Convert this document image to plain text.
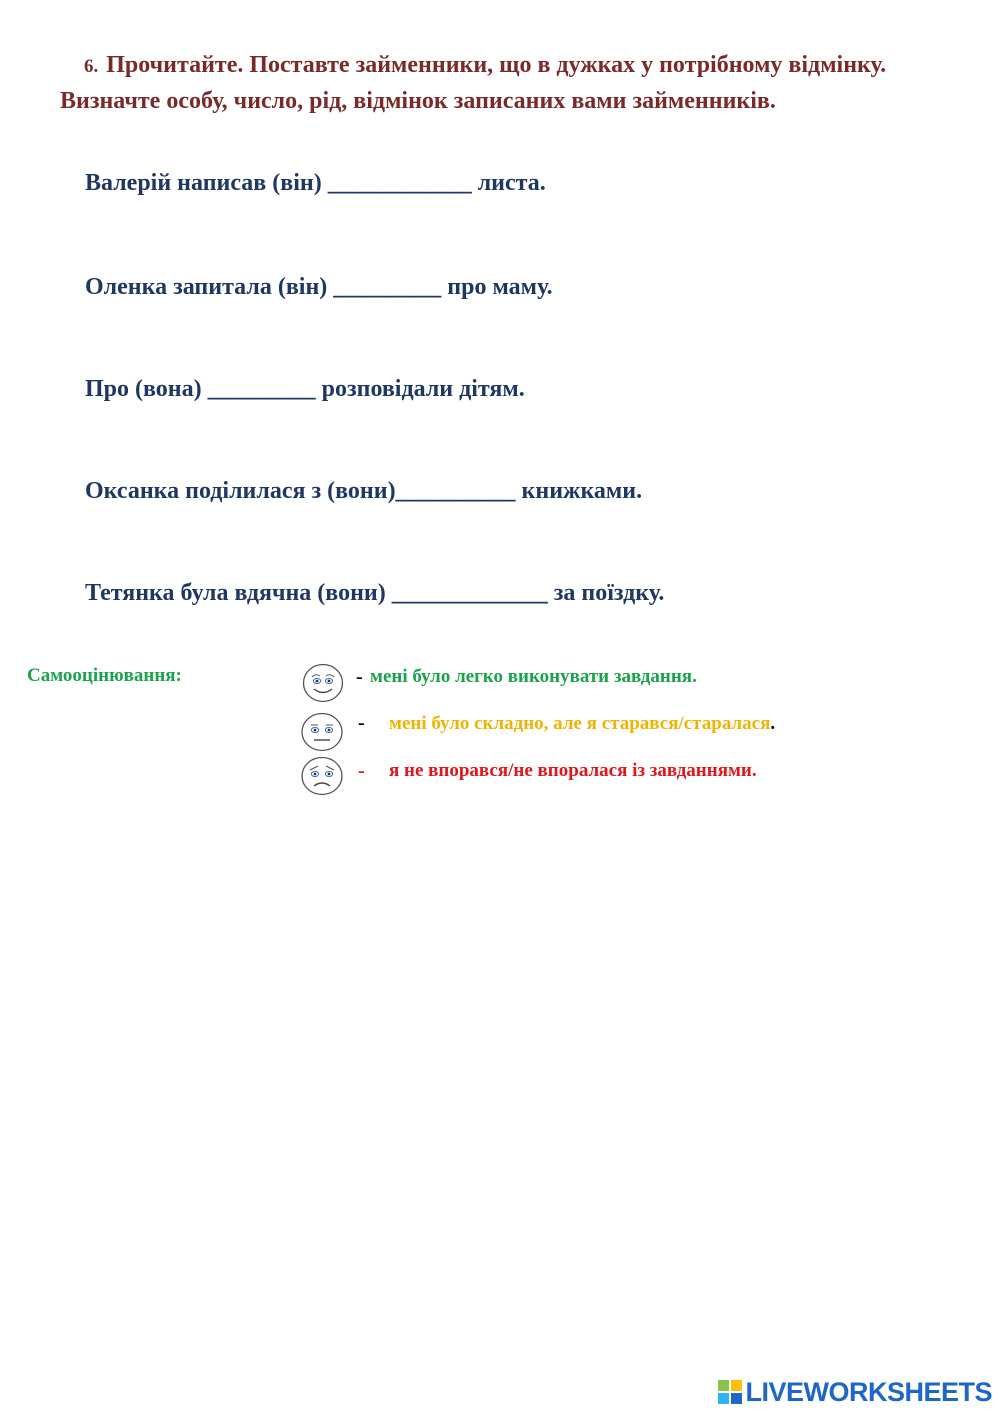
6. Прочитайте. Поставте займенники, що в дужках у потрібному відмінку. Визначте особу, число, рід, відмінок записаних вами займенників.
Валерій написав (він) ____________ листа.
Оленка запитала (він) _________ про маму.
Про (вона) _________ розповідали дітям.
Оксанка поділилася з (вони)__________ книжками.
Тетянка була вдячна (вони) _____________ за поїздку.
Самооцінювання:	- мені було легко виконувати завдання.
- мені було складно, але я старався/старалася.
- я не впорався/не впоралася із завданнями.
LIVEWORKSHEETS
